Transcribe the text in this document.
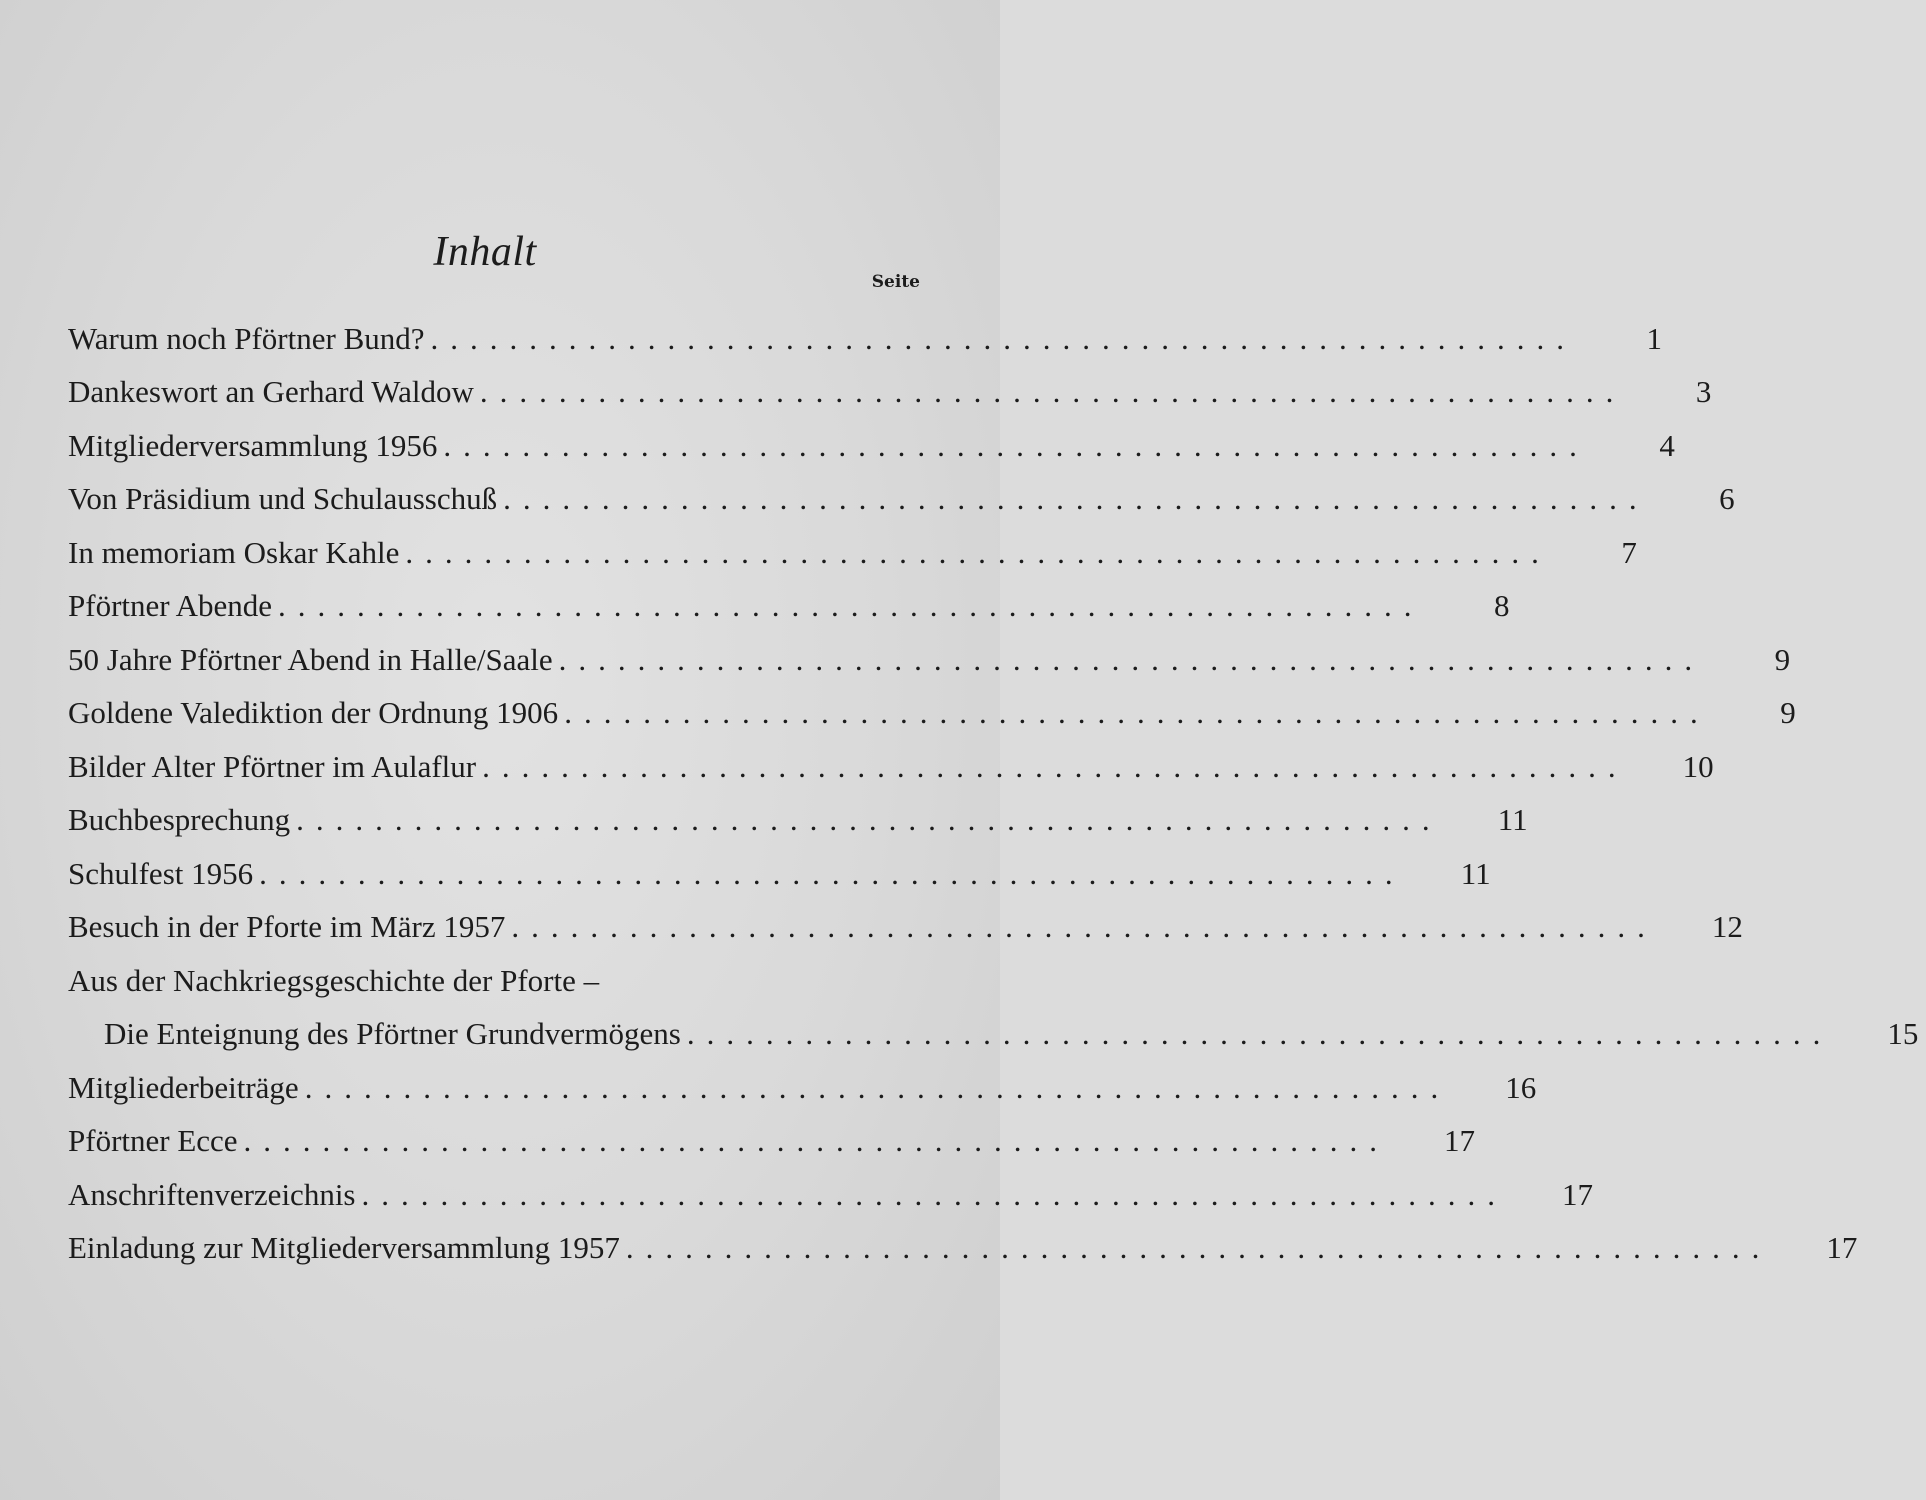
Inhalt
Seite
Warum noch Pförtner Bund? ..........................................................	1
Dankeswort an Gerhard Waldow ..........................................................	3
Mitgliederversammlung 1956 ..........................................................	4
Von Präsidium und Schulausschuß ..........................................................	6
In memoriam Oskar Kahle ..........................................................	7
Pförtner Abende ..........................................................	8
50 Jahre Pförtner Abend in Halle/Saale ..........................................................	9
Goldene Valediktion der Ordnung 1906 ..........................................................	9
Bilder Alter Pförtner im Aulaflur ..........................................................	10
Buchbesprechung ..........................................................	11
Schulfest 1956 ..........................................................	11
Besuch in der Pforte im März 1957 ..........................................................	12
Aus der Nachkriegsgeschichte der Pforte –
Die Enteignung des Pförtner Grundvermögens ..........................................................	15
Mitgliederbeiträge ..........................................................	16
Pförtner Ecce ..........................................................	17
Anschriftenverzeichnis ..........................................................	17
Einladung zur Mitgliederversammlung 1957 ..........................................................	17
